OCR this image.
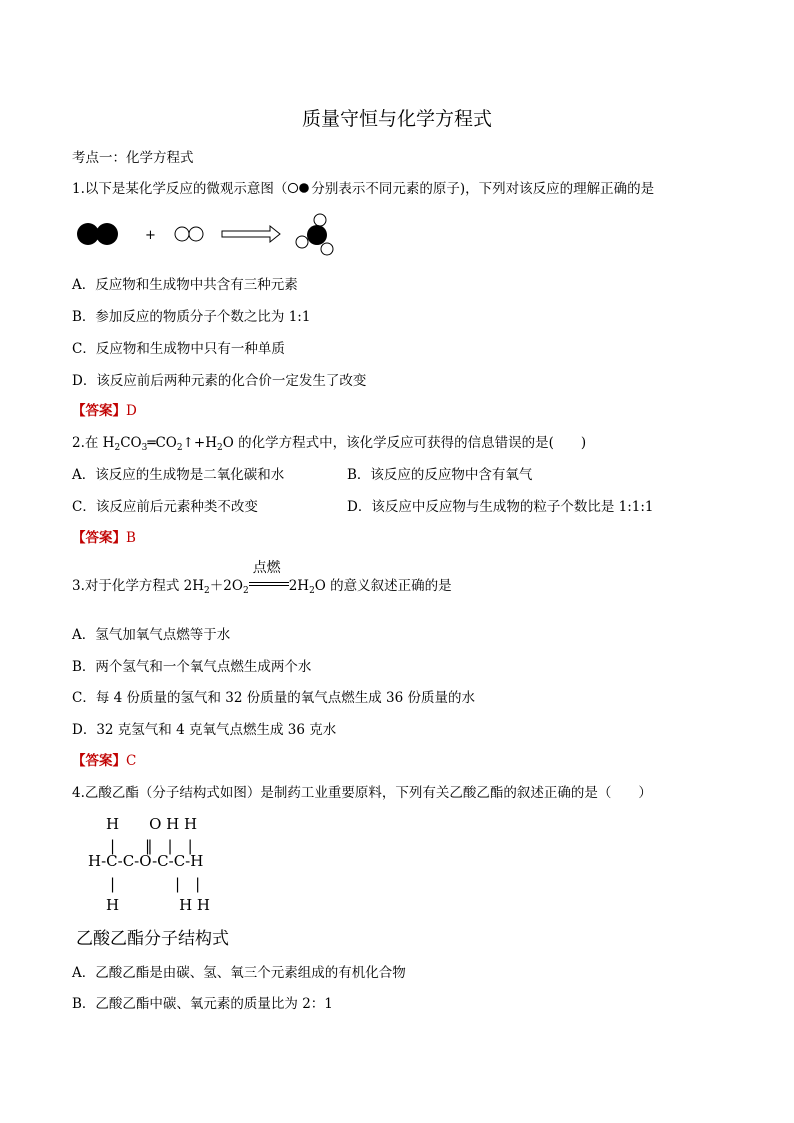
质量守恒与化学方程式
考点一：化学方程式
1.以下是某化学反应的微观示意图（ 分别表示不同元素的原子)，下列对该反应的理解正确的是
+
A．反应物和生成物中共含有三种元素
B．参加反应的物质分子个数之比为 1:1
C．反应物和生成物中只有一种单质
D．该反应前后两种元素的化合价一定发生了改变
【答案】D
2.在 $H_2CO_3═CO_2↑+H_2O$ 的化学方程式中，该化学反应可获得的信息错误的是(　　)
A．该反应的生成物是二氧化碳和水	B．该反应的反应物中含有氧气
C．该反应前后元素种类不改变	D．该反应中反应物与生成物的粒子个数比是 1:1:1
【答案】B
3.对于化学方程式 $2H_2+2O_2$
点燃
$2H_2O$ 的意义叙述正确的是
A．氢气加氧气点燃等于水
B．两个氢气和一个氧气点燃生成两个水
C．每 4 份质量的氢气和 32 份质量的氧气点燃生成 36 份质量的水
D．32 克氢气和 4 克氧气点燃生成 36 克水
【答案】C
4.乙酸乙酯（分子结构式如图）是制药工业重要原料，下列有关乙酸乙酯的叙述正确的是（　　）
H　　O H H
|　　‖　|　|
H-C-C-O-C-C-H
|　　　　|　|
H　　　　H H
乙酸乙酯分子结构式
A．乙酸乙酯是由碳、氢、氧三个元素组成的有机化合物
B．乙酸乙酯中碳、氧元素的质量比为 2：1
